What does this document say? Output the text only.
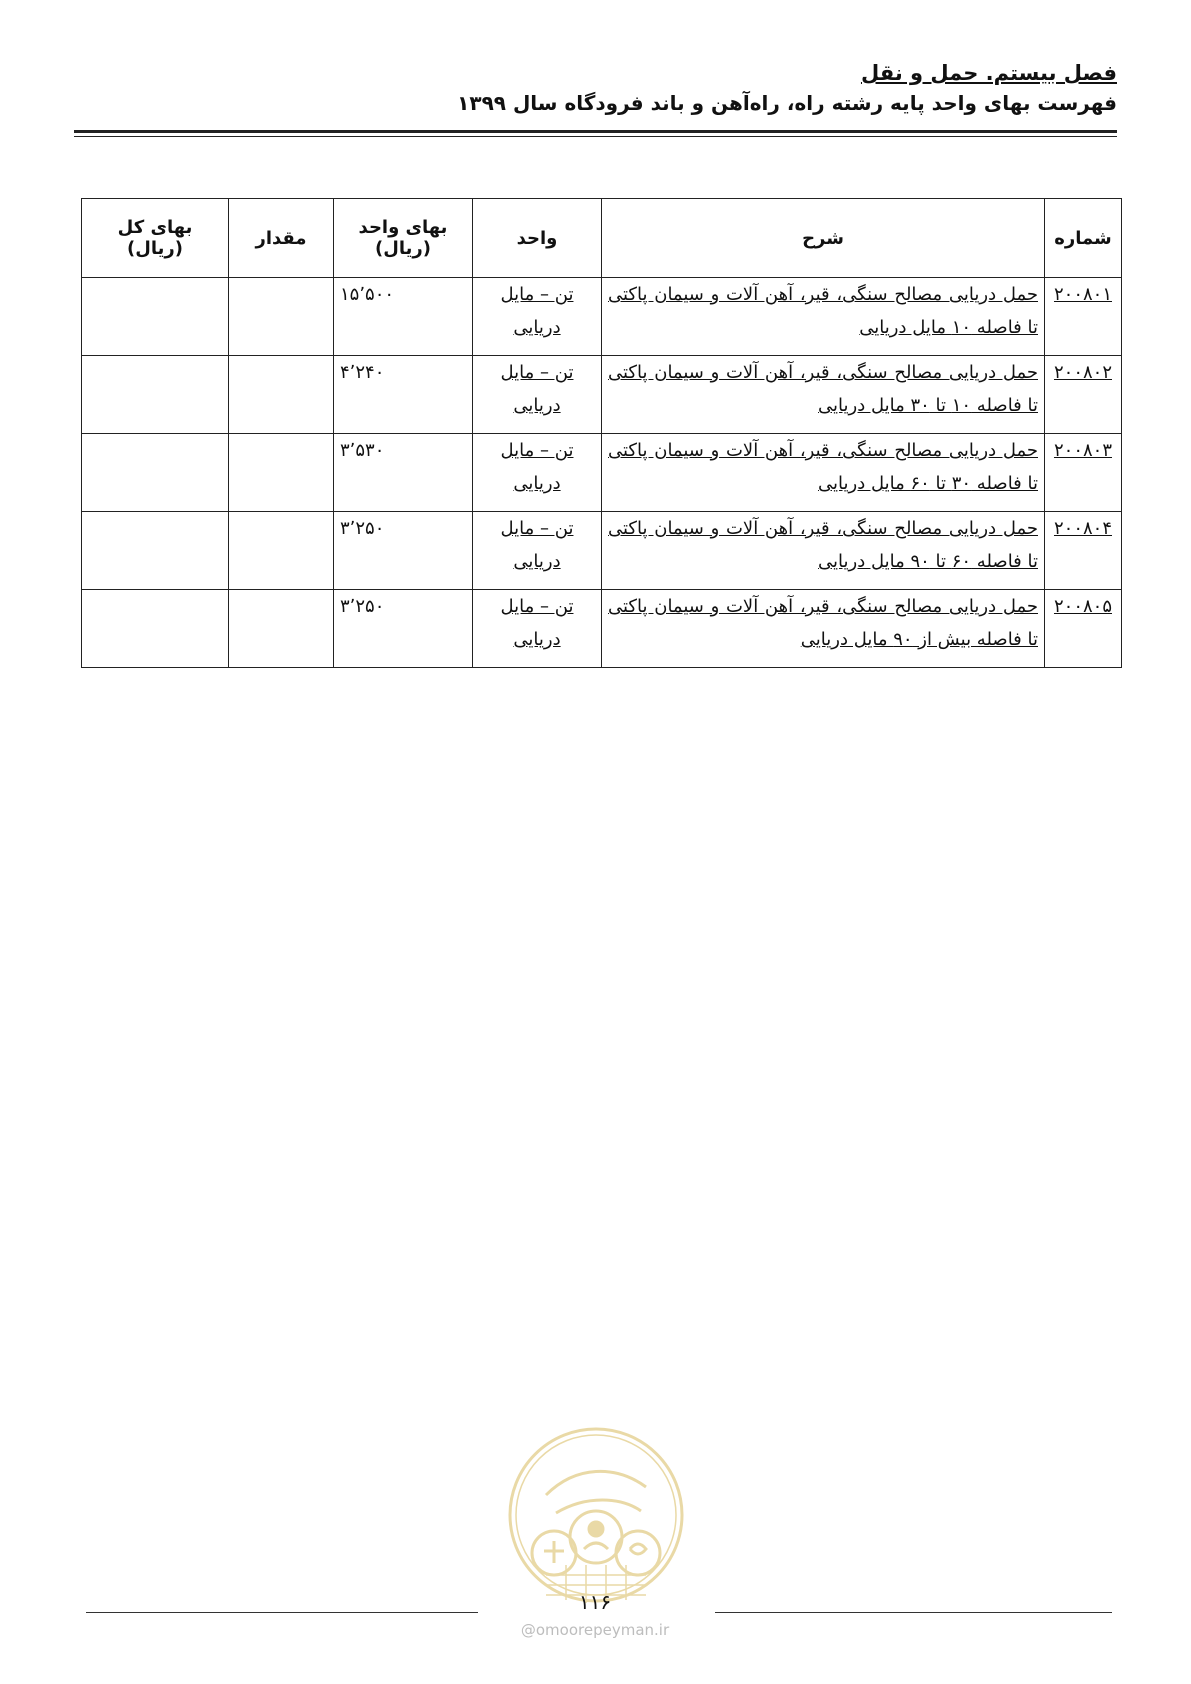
فصل بیستم. حمل و نقل
فهرست بهای واحد پایه رشته راه، راه‌آهن و باند فرودگاه سال ۱۳۹۹
شماره	شرح	واحد	بهای واحد (ریال)	مقدار	بهای کل (ریال)
۲۰۰۸۰۱	حمل دریایی مصالح سنگی، قیر، آهن آلات و سیمان پاکتی تا فاصله ۱۰ مایل دریایی	تن – مایل دریایی	۱۵٬۵۰۰		
۲۰۰۸۰۲	حمل دریایی مصالح سنگی، قیر، آهن آلات و سیمان پاکتی تا فاصله ۱۰ تا ۳۰ مایل دریایی	تن – مایل دریایی	۴٬۲۴۰		
۲۰۰۸۰۳	حمل دریایی مصالح سنگی، قیر، آهن آلات و سیمان پاکتی تا فاصله ۳۰ تا ۶۰ مایل دریایی	تن – مایل دریایی	۳٬۵۳۰		
۲۰۰۸۰۴	حمل دریایی مصالح سنگی، قیر، آهن آلات و سیمان پاکتی تا فاصله ۶۰ تا ۹۰ مایل دریایی	تن – مایل دریایی	۳٬۲۵۰		
۲۰۰۸۰۵	حمل دریایی مصالح سنگی، قیر، آهن آلات و سیمان پاکتی تا فاصله بیش از ۹۰ مایل دریایی	تن – مایل دریایی	۳٬۲۵۰		
۱۱۶
@omoorepeyman.ir
